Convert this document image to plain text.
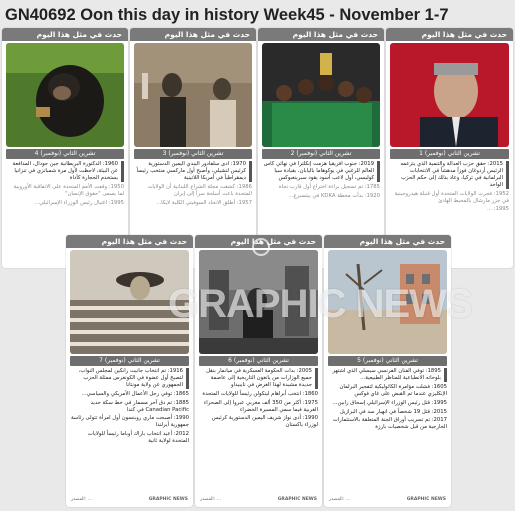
GN40692 Oon this day in history Week45 - November 1-7
حدث في مثل هذا اليوم
4 تشرين الثاني (نوفمبر)

1960: الدكتورة البريطانية جين جودال، المدافعة عن البيئة، لاحظت لأول مرة شمبانزي في تنزانيا يستخدم الحجارة كأداة

1950: وقعت الأمم المتحدة على الاتفاقية الأوروبية لما يسمى "حقوق الإنسان"

1995: اغتيال رئيس الوزراء الإسرائيلي...

حدث في مثل هذا اليوم
3 تشرين الثاني (نوفمبر)

1970: أدى سلفادور أليندي اليمين الدستورية كرئيس لتشيلي، وأصبح أول ماركسي منتخب رئيساً ديمقراطياً في أمريكا اللاتينية

1986: كشفت مجلة الشراع اللبنانية أن الولايات المتحدة باعت أسلحة سراً إلى إيران

1957: أطلق الاتحاد السوفيتي الكلبة لايكا...

حدث في مثل هذا اليوم
2 تشرين الثاني (نوفمبر)

2019: جنوب أفريقيا هزمت إنكلترا في نهائي كأس العالم للرغبي في يوكوهاما باليابان، بقيادة سيا كوليسي، أول لاعب أسود يقود سبرينغبوكس

1785: تم تسجيل براءة اختراع أول قارب نجاة

1920: بدأت محطة KDKA في بيتسبرغ...

حدث في مثل هذا اليوم
1 تشرين الثاني (نوفمبر)

2015: حقق حزب العدالة والتنمية الذي يتزعمه الرئيس أردوغان فوزاً مدهشاً في الانتخابات البرلمانية في تركيا، وعاد بذلك إلى حكم الحزب الواحد

1952: فجرت الولايات المتحدة أول قنبلة هيدروجينية في جزر مارشال بالمحيط الهادئ

1995: ...

حدث في مثل هذا اليوم
7 تشرين الثاني (نوفمبر)

1916: تم انتخاب جانيت رانكين لمجلس النواب، لتصبح أول عضوة في الكونغرس ممثلة الحزب الجمهوري عن ولاية مونتانا

1865: توفي رجل الأعمال الأمريكي والسياسي...

1885: تم دق آخر مسمار في خط سكة حديد Canadian Pacific في كندا

1990: أصبحت ماري روبنسون أول امرأة تتولى رئاسة جمهورية أيرلندا

2012: أعيد انتخاب باراك أوباما رئيساً للولايات المتحدة لولاية ثانية

المصدر: ...	GRAPHIC NEWS
حدث في مثل هذا اليوم
6 تشرين الثاني (نوفمبر)

2005: بدأت الحكومة العسكرية في ميانمار بنقل جميع الوزارات من يانغون التاريخية إلى عاصمة جديدة مشيدة لهذا الغرض في نايبيداو

1860: انتخب أبراهام لينكولن رئيساً للولايات المتحدة

1975: أكثر من 350 ألف مغربي عبروا إلى الصحراء الغربية فيما سمي المسيرة الخضراء

1990: أدى نواز شريف اليمين الدستورية كرئيس لوزراء باكستان

المصدر: ...	GRAPHIC NEWS
حدث في مثل هذا اليوم
5 تشرين الثاني (نوفمبر)

1895: توفي الفنان الفرنسي سيسلي الذي اشتهر بلوحاته الانطباعية للمناظر الطبيعية...

1605: فشلت مؤامرة الكاثوليكية لتفجير البرلمان الإنكليزي عندما تم القبض على غاي فوكس

1995: قتل رئيس الوزراء الإسرائيلي إسحاق رابين...

2015: قتل 19 شخصاً في انهيار سد في البرازيل

2017: تم تسريب أوراق الجنة المتعلقة بالاستثمارات الخارجية من قبل شخصيات بارزة

المصدر: ...	GRAPHIC NEWS
GRAPHIC NEWS
